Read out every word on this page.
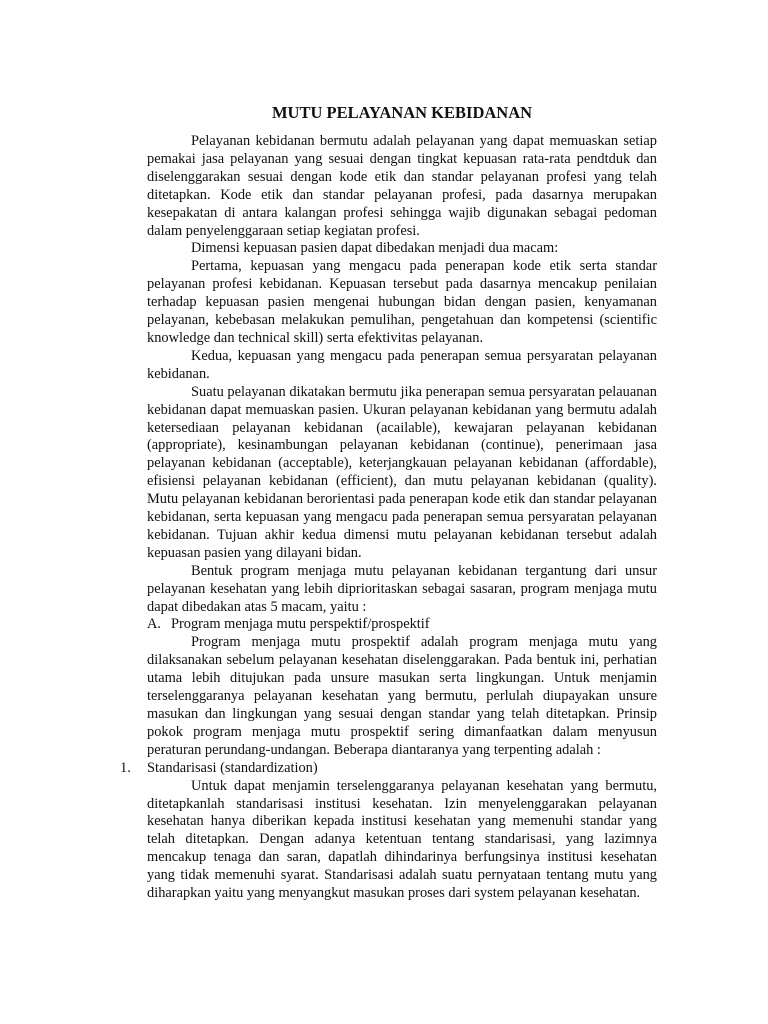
MUTU PELAYANAN KEBIDANAN

Pelayanan kebidanan bermutu adalah pelayanan yang dapat memuaskan setiap pemakai jasa pelayanan yang sesuai dengan tingkat kepuasan rata-rata pendtduk dan diselenggarakan sesuai dengan kode etik dan standar pelayanan profesi yang telah ditetapkan. Kode etik dan standar pelayanan profesi, pada dasarnya merupakan kesepakatan di antara kalangan profesi sehingga wajib digunakan sebagai pedoman dalam penyelenggaraan setiap kegiatan profesi.

Dimensi kepuasan pasien dapat dibedakan menjadi dua macam:

Pertama, kepuasan yang mengacu pada penerapan kode etik serta standar pelayanan profesi kebidanan. Kepuasan tersebut pada dasarnya mencakup penilaian terhadap kepuasan pasien mengenai hubungan bidan dengan pasien, kenyamanan pelayanan, kebebasan melakukan pemulihan, pengetahuan dan kompetensi (scientific knowledge dan technical skill) serta efektivitas pelayanan.

Kedua, kepuasan yang mengacu pada penerapan semua persyaratan pelayanan kebidanan.

Suatu pelayanan dikatakan bermutu jika penerapan semua persyaratan pelauanan kebidanan dapat memuaskan pasien. Ukuran pelayanan kebidanan yang bermutu adalah ketersediaan pelayanan kebidanan (acailable), kewajaran pelayanan kebidanan (appropriate), kesinambungan pelayanan kebidanan (continue), penerimaan jasa pelayanan kebidanan (acceptable), keterjangkauan pelayanan kebidanan (affordable), efisiensi pelayanan kebidanan (efficient), dan mutu pelayanan kebidanan (quality). Mutu pelayanan kebidanan berorientasi pada penerapan kode etik dan standar pelayanan kebidanan, serta kepuasan yang mengacu pada penerapan semua persyaratan pelayanan kebidanan. Tujuan akhir kedua dimensi mutu pelayanan kebidanan tersebut adalah kepuasan pasien yang dilayani bidan.

Bentuk program menjaga mutu pelayanan kebidanan tergantung dari unsur pelayanan kesehatan yang lebih diprioritaskan sebagai sasaran, program menjaga mutu dapat dibedakan atas 5 macam, yaitu :

A. Program menjaga mutu perspektif/prospektif

Program menjaga mutu prospektif adalah program menjaga mutu yang dilaksanakan sebelum pelayanan kesehatan diselenggarakan. Pada bentuk ini, perhatian utama lebih ditujukan pada unsure masukan serta lingkungan. Untuk menjamin terselenggaranya pelayanan kesehatan yang bermutu, perlulah diupayakan unsure masukan dan lingkungan yang sesuai dengan standar yang telah ditetapkan. Prinsip pokok program menjaga mutu prospektif sering dimanfaatkan dalam menyusun peraturan perundang-undangan. Beberapa diantaranya yang terpenting adalah :

1.	Standarisasi (standardization)

Untuk dapat menjamin terselenggaranya pelayanan kesehatan yang bermutu, ditetapkanlah standarisasi institusi kesehatan. Izin menyelenggarakan pelayanan kesehatan hanya diberikan kepada institusi kesehatan yang memenuhi standar yang telah ditetapkan. Dengan adanya ketentuan tentang standarisasi, yang lazimnya mencakup tenaga dan saran, dapatlah dihindarinya berfungsinya institusi kesehatan yang tidak memenuhi syarat. Standarisasi adalah suatu pernyataan tentang mutu yang diharapkan yaitu yang menyangkut masukan proses dari system pelayanan kesehatan.
